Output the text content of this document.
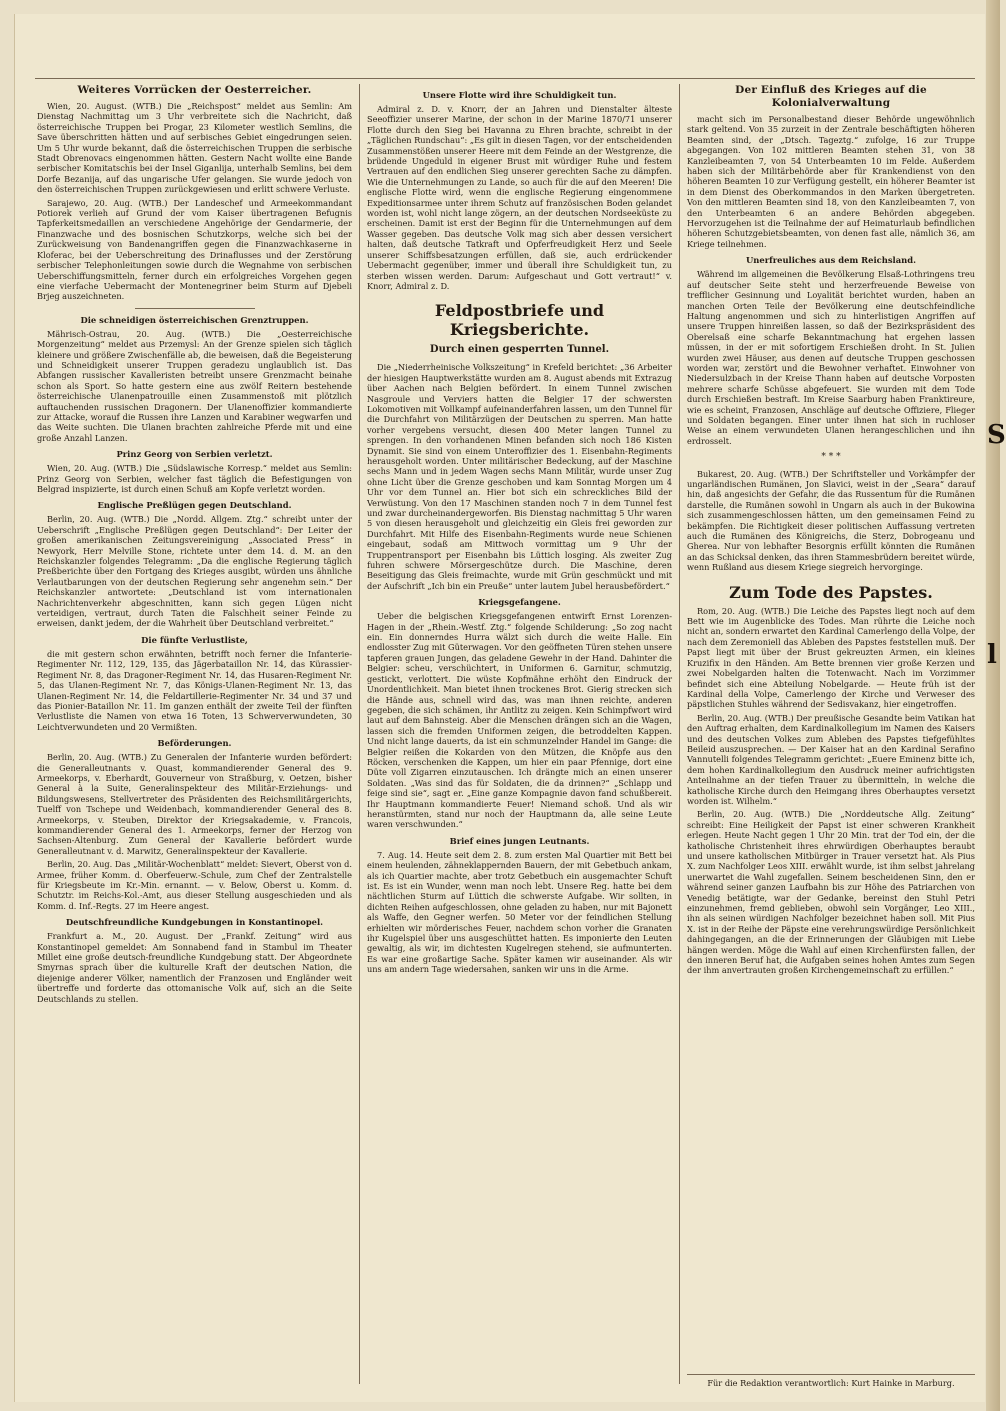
Weiteres Vorrücken der Oesterreicher.

Wien, 20. August. (WTB.) Die „Reichspost“ meldet aus Semlin: Am Dienstag Nachmittag um 3 Uhr verbreitete sich die Nachricht, daß österreichische Truppen bei Progar, 23 Kilometer westlich Semlins, die Save überschritten hätten und auf serbisches Gebiet eingedrungen seien. Um 5 Uhr wurde bekannt, daß die österreichischen Truppen die serbische Stadt Obrenovacs eingenommen hätten. Gestern Nacht wollte eine Bande serbischer Komitatschis bei der Insel Giganlija, unterhalb Semlins, bei dem Dorfe Bezanija, auf das ungarische Ufer gelangen. Sie wurde jedoch von den österreichischen Truppen zurückgewiesen und erlitt schwere Verluste.

Sarajewo, 20. Aug. (WTB.) Der Landeschef und Armeekommandant Potiorek verlieh auf Grund der vom Kaiser übertragenen Befugnis Tapferkeitsmedaillen an verschiedene Angehörige der Gendarmerie, der Finanzwache und des bosnischen Schutzkorps, welche sich bei der Zurückweisung von Bandenangriffen gegen die Finanzwachkaserne in Kloferac, bei der Ueberschreitung des Drinaflusses und der Zerstörung serbischer Telephonleitungen sowie durch die Wegnahme von serbischen Ueberschiffungsmitteln, ferner durch ein erfolgreiches Vorgehen gegen eine vierfache Uebermacht der Montenegriner beim Sturm auf Djebeli Brjeg auszeichneten.

Die schneidigen österreichischen Grenztruppen.

Mährisch-Ostrau, 20. Aug. (WTB.) Die „Oesterreichische Morgenzeitung“ meldet aus Przemysl: An der Grenze spielen sich täglich kleinere und größere Zwischenfälle ab, die beweisen, daß die Begeisterung und Schneidigkeit unserer Truppen geradezu unglaublich ist. Das Abfangen russischer Kavalleristen betreibt unsere Grenzmacht beinahe schon als Sport. So hatte gestern eine aus zwölf Reitern bestehende österreichische Ulanenpatrouille einen Zusammenstoß mit plötzlich auftauchenden russischen Dragonern. Der Ulanenoffizier kommandierte zur Attacke, worauf die Russen ihre Lanzen und Karabiner wegwarfen und das Weite suchten. Die Ulanen brachten zahlreiche Pferde mit und eine große Anzahl Lanzen.

Prinz Georg von Serbien verletzt.

Wien, 20. Aug. (WTB.) Die „Südslawische Korresp.“ meldet aus Semlin: Prinz Georg von Serbien, welcher fast täglich die Befestigungen von Belgrad inspizierte, ist durch einen Schuß am Kopfe verletzt worden.

Englische Preßlügen gegen Deutschland.

Berlin, 20. Aug. (WTB.) Die „Nordd. Allgem. Ztg.“ schreibt unter der Ueberschrift „Englische Preßlügen gegen Deutschland“: Der Leiter der großen amerikanischen Zeitungsvereinigung „Associated Press“ in Newyork, Herr Melville Stone, richtete unter dem 14. d. M. an den Reichskanzler folgendes Telegramm: „Da die englische Regierung täglich Preßberichte über den Fortgang des Krieges ausgibt, würden uns ähnliche Verlautbarungen von der deutschen Regierung sehr angenehm sein.“ Der Reichskanzler antwortete: „Deutschland ist vom internationalen Nachrichtenverkehr abgeschnitten, kann sich gegen Lügen nicht verteidigen, vertraut, durch Taten die Falschheit seiner Feinde zu erweisen, dankt jedem, der die Wahrheit über Deutschland verbreitet.“

Die fünfte Verlustliste,

die mit gestern schon erwähnten, betrifft noch ferner die Infanterie-Regimenter Nr. 112, 129, 135, das Jägerbataillon Nr. 14, das Kürassier-Regiment Nr. 8, das Dragoner-Regiment Nr. 14, das Husaren-Regiment Nr. 5, das Ulanen-Regiment Nr. 7, das Königs-Ulanen-Regiment Nr. 13, das Ulanen-Regiment Nr. 14, die Feldartillerie-Regimenter Nr. 34 und 37 und das Pionier-Bataillon Nr. 11. Im ganzen enthält der zweite Teil der fünften Verlustliste die Namen von etwa 16 Toten, 13 Schwerverwundeten, 30 Leichtverwundeten und 20 Vermißten.

Beförderungen.

Berlin, 20. Aug. (WTB.) Zu Generalen der Infanterie wurden befördert: die Generalleutnants v. Quast, kommandierender General des 9. Armeekorps, v. Eberhardt, Gouverneur von Straßburg, v. Oetzen, bisher General à la Suite, Generalinspekteur des Militär-Erziehungs- und Bildungswesens, Stellvertreter des Präsidenten des Reichsmilitärgerichts, Tuelff von Tschepe und Weidenbach, kommandierender General des 8. Armeekorps, v. Steuben, Direktor der Kriegsakademie, v. Francois, kommandierender General des 1. Armeekorps, ferner der Herzog von Sachsen-Altenburg. Zum General der Kavallerie befördert wurde Generalleutnant v. d. Marwitz, Generalinspekteur der Kavallerie.

Berlin, 20. Aug. Das „Militär-Wochenblatt“ meldet: Sievert, Oberst von d. Armee, früher Komm. d. Oberfeuerw.-Schule, zum Chef der Zentralstelle für Kriegsbeute im Kr.-Min. ernannt. — v. Below, Oberst u. Komm. d. Schutztr. im Reichs-Kol.-Amt, aus dieser Stellung ausgeschieden und als Komm. d. Inf.-Regts. 27 im Heere angest.

Deutschfreundliche Kundgebungen in Konstantinopel.

Frankfurt a. M., 20. August. Der „Frankf. Zeitung“ wird aus Konstantinopel gemeldet: Am Sonnabend fand in Stambul im Theater Millet eine große deutsch-freundliche Kundgebung statt. Der Abgeordnete Smyrnas sprach über die kulturelle Kraft der deutschen Nation, die diejenige anderer Völker, namentlich der Franzosen und Engländer weit übertreffe und forderte das ottomanische Volk auf, sich an die Seite Deutschlands zu stellen.

Unsere Flotte wird ihre Schuldigkeit tun.

Admiral z. D. v. Knorr, der an Jahren und Dienstalter älteste Seeoffizier unserer Marine, der schon in der Marine 1870/71 unserer Flotte durch den Sieg bei Havanna zu Ehren brachte, schreibt in der „Täglichen Rundschau“: „Es gilt in diesen Tagen, vor der entscheidenden Zusammenstößen unserer Heere mit dem Feinde an der Westgrenze, die brüdende Ungeduld in eigener Brust mit würdiger Ruhe und festem Vertrauen auf den endlichen Sieg unserer gerechten Sache zu dämpfen. Wie die Unternehmungen zu Lande, so auch für die auf den Meeren! Die englische Flotte wird, wenn die englische Regierung eingenommene Expeditionsarmee unter ihrem Schutz auf französischen Boden gelandet worden ist, wohl nicht lange zögern, an der deutschen Nordseeküste zu erscheinen. Damit ist erst der Beginn für die Unternehmungen auf dem Wasser gegeben. Das deutsche Volk mag sich aber dessen versichert halten, daß deutsche Tatkraft und Opferfreudigkeit Herz und Seele unserer Schiffsbesatzungen erfüllen, daß sie, auch erdrückender Uebermacht gegenüber, immer und überall ihre Schuldigkeit tun, zu sterben wissen werden. Darum: Aufgeschaut und Gott vertraut!“ v. Knorr, Admiral z. D.

Feldpostbriefe und Kriegsberichte.
Durch einen gesperrten Tunnel.

Die „Niederrheinische Volkszeitung“ in Krefeld berichtet: „36 Arbeiter der hiesigen Hauptwerkstätte wurden am 8. August abends mit Extrazug über Aachen nach Belgien befördert. In einem Tunnel zwischen Nasgroule und Verviers hatten die Belgier 17 der schwersten Lokomotiven mit Vollkampf aufeinanderfahren lassen, um den Tunnel für die Durchfahrt von Militärzügen der Deutschen zu sperren. Man hatte vorher vergebens versucht, diesen 400 Meter langen Tunnel zu sprengen. In den vorhandenen Minen befanden sich noch 186 Kisten Dynamit. Sie sind von einem Unteroffizier des 1. Eisenbahn-Regiments herausgeholt worden. Unter militärischer Bedeckung, auf der Maschine sechs Mann und in jedem Wagen sechs Mann Militär, wurde unser Zug ohne Licht über die Grenze geschoben und kam Sonntag Morgen um 4 Uhr vor dem Tunnel an. Hier bot sich ein schreckliches Bild der Verwüstung. Von den 17 Maschinen standen noch 7 in dem Tunnel fest und zwar durcheinandergeworfen. Bis Dienstag nachmittag 5 Uhr waren 5 von diesen herausgeholt und gleichzeitig ein Gleis frei geworden zur Durchfahrt. Mit Hilfe des Eisenbahn-Regiments wurde neue Schienen eingebaut, sodaß am Mittwoch vormittag um 9 Uhr der Truppentransport per Eisenbahn bis Lüttich losging. Als zweiter Zug fuhren schwere Mörsergeschütze durch. Die Maschine, deren Beseitigung das Gleis freimachte, wurde mit Grün geschmückt und mit der Aufschrift „Ich bin ein Preuße“ unter lautem Jubel herausbefördert.“

Kriegsgefangene.

Ueber die belgischen Kriegsgefangenen entwirft Ernst Lorenzen-Hagen in der „Rhein.-Westf. Ztg.“ folgende Schilderung: „So zog nacht ein. Ein donnerndes Hurra wälzt sich durch die weite Halle. Ein endlosster Zug mit Güterwagen. Vor den geöffneten Türen stehen unsere tapferen grauen Jungen, das geladene Gewehr in der Hand. Dahinter die Belgier: scheu, verschüchtert, in Uniformen 6. Garnitur, schmutzig, gestickt, verlottert. Die wüste Kopfmähne erhöht den Eindruck der Unordentlichkeit. Man bietet ihnen trockenes Brot. Gierig strecken sich die Hände aus, schnell wird das, was man ihnen reichte, anderen gegeben, die sich schämen, ihr Antlitz zu zeigen. Kein Schimpfwort wird laut auf dem Bahnsteig. Aber die Menschen drängen sich an die Wagen, lassen sich die fremden Uniformen zeigen, die betroddelten Kappen. Und nicht lange dauerts, da ist ein schmunzelnder Handel im Gange: die Belgier reißen die Kokarden von den Mützen, die Knöpfe aus den Röcken, verschenken die Kappen, um hier ein paar Pfennige, dort eine Düte voll Zigarren einzutauschen. Ich drängte mich an einen unserer Soldaten. „Was sind das für Soldaten, die da drinnen?“ „Schlapp und feige sind sie“, sagt er. „Eine ganze Kompagnie davon fand schußbereit. Ihr Hauptmann kommandierte Feuer! Niemand schoß. Und als wir heranstürmten, stand nur noch der Hauptmann da, alle seine Leute waren verschwunden.“

Brief eines jungen Leutnants.

7. Aug. 14. Heute seit dem 2. 8. zum ersten Mal Quartier mit Bett bei einem heulenden, zähneklappernden Bauern, der mit Gebetbuch ankam, als ich Quartier machte, aber trotz Gebetbuch ein ausgemachter Schuft ist. Es ist ein Wunder, wenn man noch lebt. Unsere Reg. hatte bei dem nächtlichen Sturm auf Lüttich die schwerste Aufgabe. Wir sollten, in dichten Reihen aufgeschlossen, ohne geladen zu haben, nur mit Bajonett als Waffe, den Gegner werfen. 50 Meter vor der feindlichen Stellung erhielten wir mörderisches Feuer, nachdem schon vorher die Granaten ihr Kugelspiel über uns ausgeschüttet hatten. Es imponierte den Leuten gewaltig, als wir, im dichtesten Kugelregen stehend, sie aufmunterten. Es war eine großartige Sache. Später kamen wir auseinander. Als wir uns am andern Tage wiedersahen, sanken wir uns in die Arme.

Der Einfluß des Krieges auf die Kolonialverwaltung

macht sich im Personalbestand dieser Behörde ungewöhnlich stark geltend. Von 35 zurzeit in der Zentrale beschäftigten höheren Beamten sind, der „Dtsch. Tageztg.“ zufolge, 16 zur Truppe abgegangen. Von 102 mittleren Beamten stehen 31, von 38 Kanzleibeamten 7, von 54 Unterbeamten 10 im Felde. Außerdem haben sich der Militärbehörde aber für Krankendienst von den höheren Beamten 10 zur Verfügung gestellt, ein höherer Beamter ist in dem Dienst des Oberkommandos in den Marken übergetreten. Von den mittleren Beamten sind 18, von den Kanzleibeamten 7, von den Unterbeamten 6 an andere Behörden abgegeben. Hervorzugehen ist die Teilnahme der auf Heimaturlaub befindlichen höheren Schutzgebietsbeamten, von denen fast alle, nämlich 36, am Kriege teilnehmen.

Unerfreuliches aus dem Reichsland.

Während im allgemeinen die Bevölkerung Elsaß-Lothringens treu auf deutscher Seite steht und herzerfreuende Beweise von trefflicher Gesinnung und Loyalität berichtet wurden, haben an manchen Orten Teile der Bevölkerung eine deutschfeindliche Haltung angenommen und sich zu hinterlistigen Angriffen auf unsere Truppen hinreißen lassen, so daß der Bezirkspräsident des Oberelsaß eine scharfe Bekanntmachung hat ergehen lassen müssen, in der er mit sofortigem Erschießen droht. In St. Julien wurden zwei Häuser, aus denen auf deutsche Truppen geschossen worden war, zerstört und die Bewohner verhaftet. Einwohner von Niedersulzbach in der Kreise Thann haben auf deutsche Vorposten mehrere scharfe Schüsse abgefeuert. Sie wurden mit dem Tode durch Erschießen bestraft. Im Kreise Saarburg haben Franktireure, wie es scheint, Franzosen, Anschläge auf deutsche Offiziere, Flieger und Soldaten begangen. Einer unter ihnen hat sich in ruchloser Weise an einem verwundeten Ulanen herangeschlichen und ihn erdrosselt.

* * *

Bukarest, 20. Aug. (WTB.) Der Schriftsteller und Vorkämpfer der ungarländischen Rumänen, Jon Slavici, weist in der „Seara“ darauf hin, daß angesichts der Gefahr, die das Russentum für die Rumänen darstelle, die Rumänen sowohl in Ungarn als auch in der Bukowina sich zusammengeschlossen hätten, um den gemeinsamen Feind zu bekämpfen. Die Richtigkeit dieser politischen Auffassung vertreten auch die Rumänen des Königreichs, die Sterz, Dobrogeanu und Gherea. Nur von lebhafter Besorgnis erfüllt könnten die Rumänen an das Schicksal denken, das ihren Stammesbrüdern bereitet würde, wenn Rußland aus diesem Kriege siegreich hervorginge.

Zum Tode des Papstes.

Rom, 20. Aug. (WTB.) Die Leiche des Papstes liegt noch auf dem Bett wie im Augenblicke des Todes. Man rührte die Leiche noch nicht an, sondern erwartet den Kardinal Camerlengo della Volpe, der nach dem Zeremoniell das Ableben des Papstes feststellen muß. Der Papst liegt mit über der Brust gekreuzten Armen, ein kleines Kruzifix in den Händen. Am Bette brennen vier große Kerzen und zwei Nobelgarden halten die Totenwacht. Nach im Vorzimmer befindet sich eine Abteilung Nobelgarde. — Heute früh ist der Kardinal della Volpe, Camerlengo der Kirche und Verweser des päpstlichen Stuhles während der Sedisvakanz, hier eingetroffen.

Berlin, 20. Aug. (WTB.) Der preußische Gesandte beim Vatikan hat den Auftrag erhalten, dem Kardinalkollegium im Namen des Kaisers und des deutschen Volkes zum Ableben des Papstes tiefgefühltes Beileid auszusprechen. — Der Kaiser hat an den Kardinal Serafino Vannutelli folgendes Telegramm gerichtet: „Euere Eminenz bitte ich, dem hohen Kardinalkollegium den Ausdruck meiner aufrichtigsten Anteilnahme an der tiefen Trauer zu übermitteln, in welche die katholische Kirche durch den Heimgang ihres Oberhauptes versetzt worden ist. Wilhelm.“

Berlin, 20. Aug. (WTB.) Die „Norddeutsche Allg. Zeitung“ schreibt: Eine Heiligkeit der Papst ist einer schweren Krankheit erlegen. Heute Nacht gegen 1 Uhr 20 Min. trat der Tod ein, der die katholische Christenheit ihres ehrwürdigen Oberhauptes beraubt und unsere katholischen Mitbürger in Trauer versetzt hat. Als Pius X. zum Nachfolger Leos XIII. erwählt wurde, ist ihm selbst jahrelang unerwartet die Wahl zugefallen. Seinem bescheidenen Sinn, den er während seiner ganzen Laufbahn bis zur Höhe des Patriarchen von Venedig betätigte, war der Gedanke, bereinst den Stuhl Petri einzunehmen, fremd geblieben, obwohl sein Vorgänger, Leo XIII., ihn als seinen würdigen Nachfolger bezeichnet haben soll. Mit Pius X. ist in der Reihe der Päpste eine verehrungswürdige Persönlichkeit dahingegangen, an die der Erinnerungen der Gläubigen mit Liebe hängen werden. Möge die Wahl auf einen Kirchenfürsten fallen, der den inneren Beruf hat, die Aufgaben seines hohen Amtes zum Segen der ihm anvertrauten großen Kirchengemeinschaft zu erfüllen.“

Für die Redaktion verantwortlich: Kurt Hainke in Marburg.
S
l
